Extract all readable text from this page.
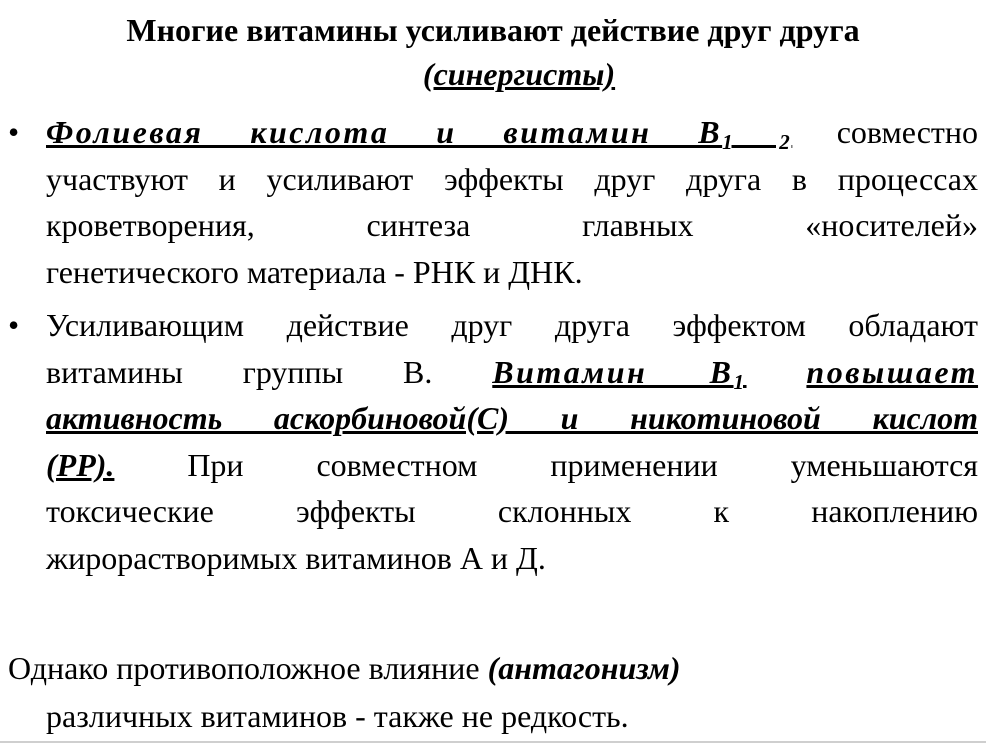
Многие витамины усиливают действие друг друга
(синергисты)
• Фолиевая кислота и витамин $В_{1 2}$ совместно
участвуют и усиливают эффекты друг друга в процессах
кроветворения, синтеза главных «носителей»
генетического материала - РНК и ДНК.
• Усиливающим действие друг друга эффектом обладают
витамины группы В. Витамин $В_1$ повышает
активность аскорбиновой(С) и никотиновой кислот
(РР). При совместном применении уменьшаются
токсические эффекты склонных к накоплению
жирорастворимых витаминов А и Д.
Однако противоположное влияние (антагонизм)
различных витаминов - также не редкость.
